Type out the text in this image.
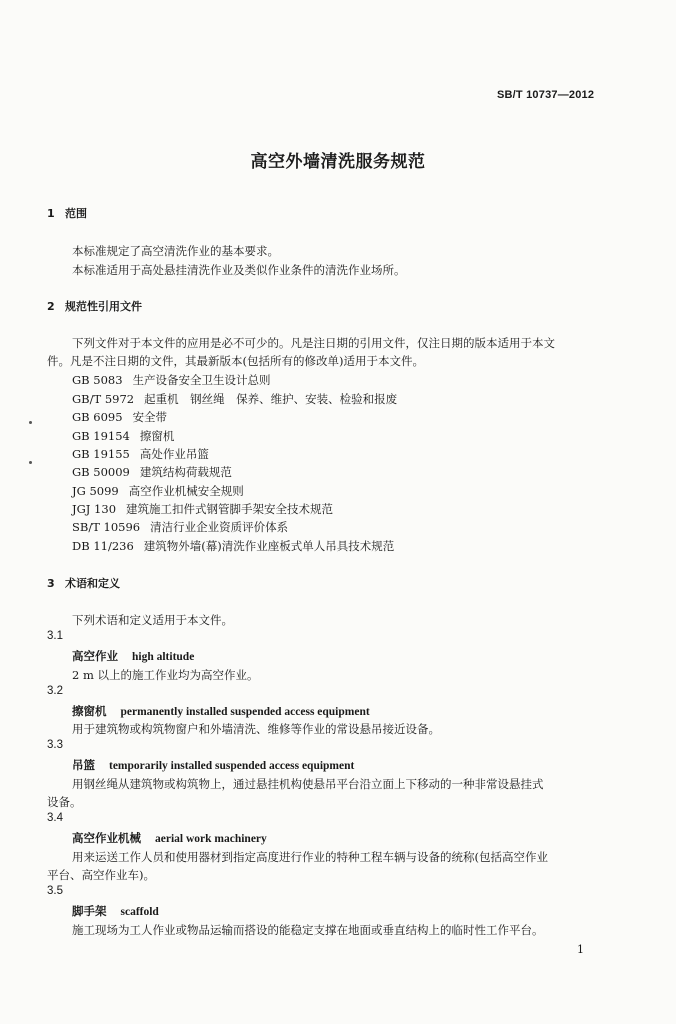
SB/T 10737—2012
高空外墙清洗服务规范
1 范围
本标准规定了高空清洗作业的基本要求。
本标准适用于高处悬挂清洗作业及类似作业条件的清洗作业场所。
2 规范性引用文件
下列文件对于本文件的应用是必不可少的。凡是注日期的引用文件，仅注日期的版本适用于本文
件。凡是不注日期的文件，其最新版本(包括所有的修改单)适用于本文件。
GB 5083 生产设备安全卫生设计总则
GB/T 5972 起重机　钢丝绳　保养、维护、安装、检验和报废
GB 6095 安全带
GB 19154 擦窗机
GB 19155 高处作业吊篮
GB 50009 建筑结构荷载规范
JG 5099 高空作业机械安全规则
JGJ 130 建筑施工扣件式钢管脚手架安全技术规范
SB/T 10596 清洁行业企业资质评价体系
DB 11/236 建筑物外墙(幕)清洗作业座板式单人吊具技术规范
3 术语和定义
下列术语和定义适用于本文件。
3.1
高空作业 high altitude
2 m 以上的施工作业均为高空作业。
3.2
擦窗机 permanently installed suspended access equipment
用于建筑物或构筑物窗户和外墙清洗、维修等作业的常设悬吊接近设备。
3.3
吊篮 temporarily installed suspended access equipment
用钢丝绳从建筑物或构筑物上，通过悬挂机构使悬吊平台沿立面上下移动的一种非常设悬挂式
设备。
3.4
高空作业机械 aerial work machinery
用来运送工作人员和使用器材到指定高度进行作业的特种工程车辆与设备的统称(包括高空作业
平台、高空作业车)。
3.5
脚手架 scaffold
施工现场为工人作业或物品运输而搭设的能稳定支撑在地面或垂直结构上的临时性工作平台。
1
